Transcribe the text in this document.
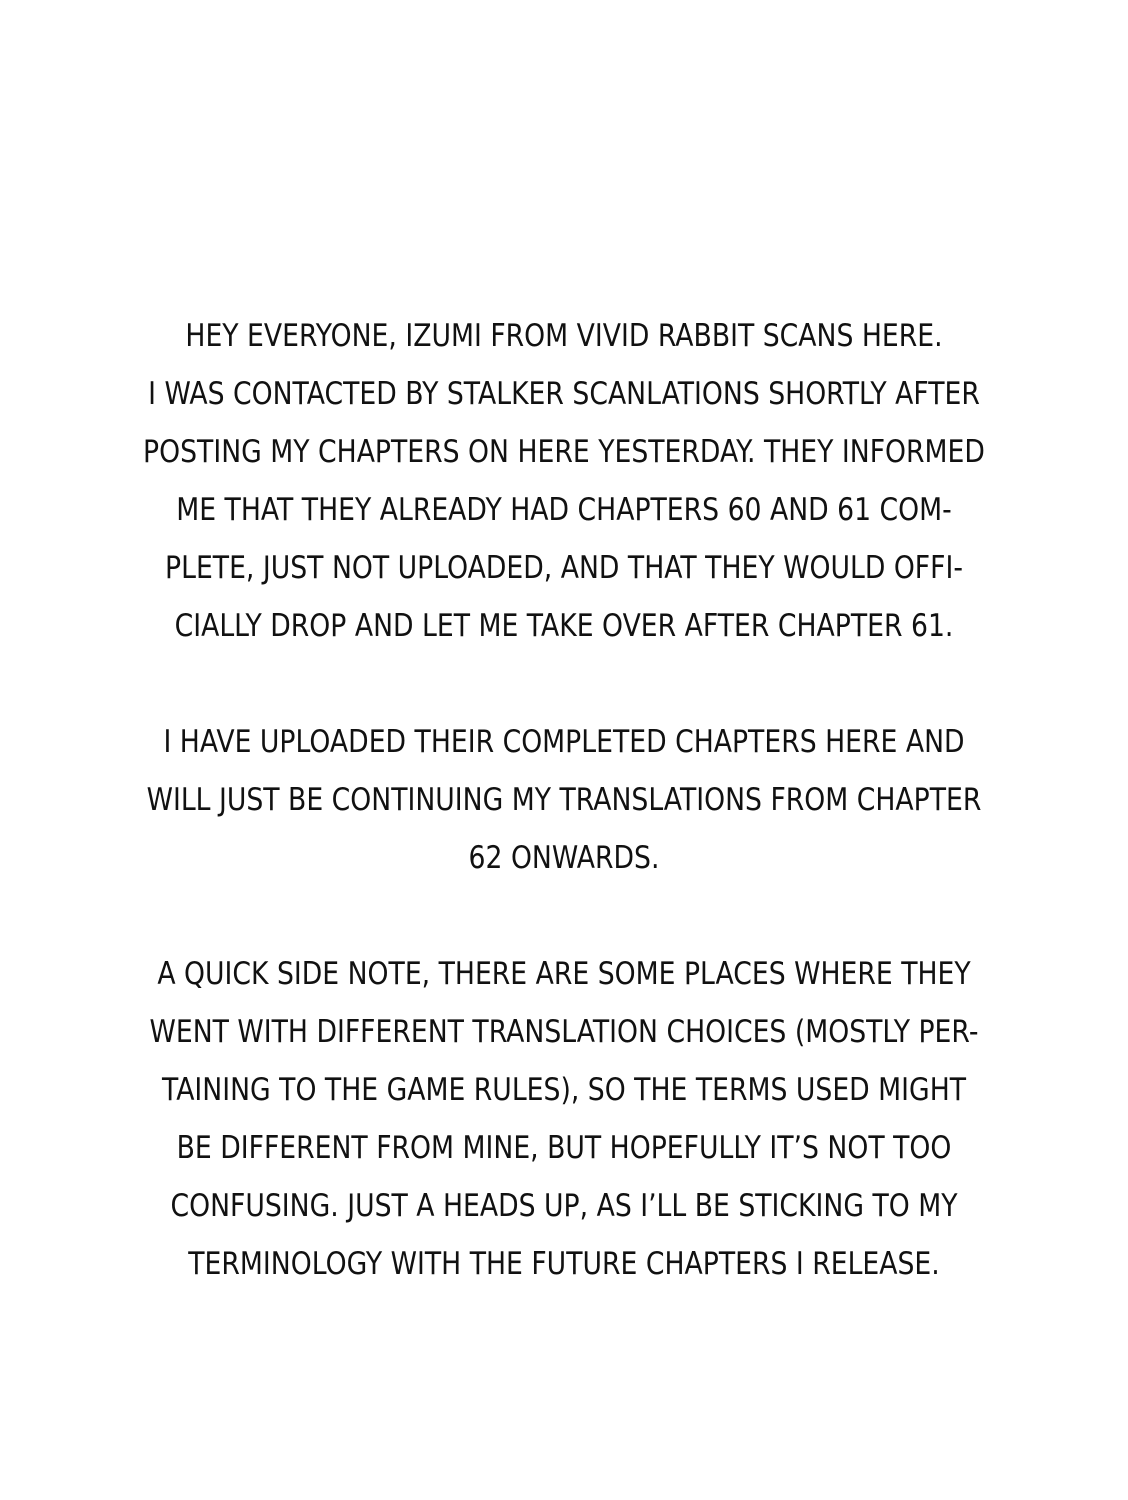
HEY EVERYONE, IZUMI FROM VIVID RABBIT SCANS HERE.
I WAS CONTACTED BY STALKER SCANLATIONS SHORTLY AFTER
POSTING MY CHAPTERS ON HERE YESTERDAY. THEY INFORMED
ME THAT THEY ALREADY HAD CHAPTERS 60 AND 61 COM-
PLETE, JUST NOT UPLOADED, AND THAT THEY WOULD OFFI-
CIALLY DROP AND LET ME TAKE OVER AFTER CHAPTER 61.

I HAVE UPLOADED THEIR COMPLETED CHAPTERS HERE AND
WILL JUST BE CONTINUING MY TRANSLATIONS FROM CHAPTER
62 ONWARDS.

A QUICK SIDE NOTE, THERE ARE SOME PLACES WHERE THEY
WENT WITH DIFFERENT TRANSLATION CHOICES (MOSTLY PER-
TAINING TO THE GAME RULES), SO THE TERMS USED MIGHT
BE DIFFERENT FROM MINE, BUT HOPEFULLY IT’S NOT TOO
CONFUSING. JUST A HEADS UP, AS I’LL BE STICKING TO MY
TERMINOLOGY WITH THE FUTURE CHAPTERS I RELEASE.
